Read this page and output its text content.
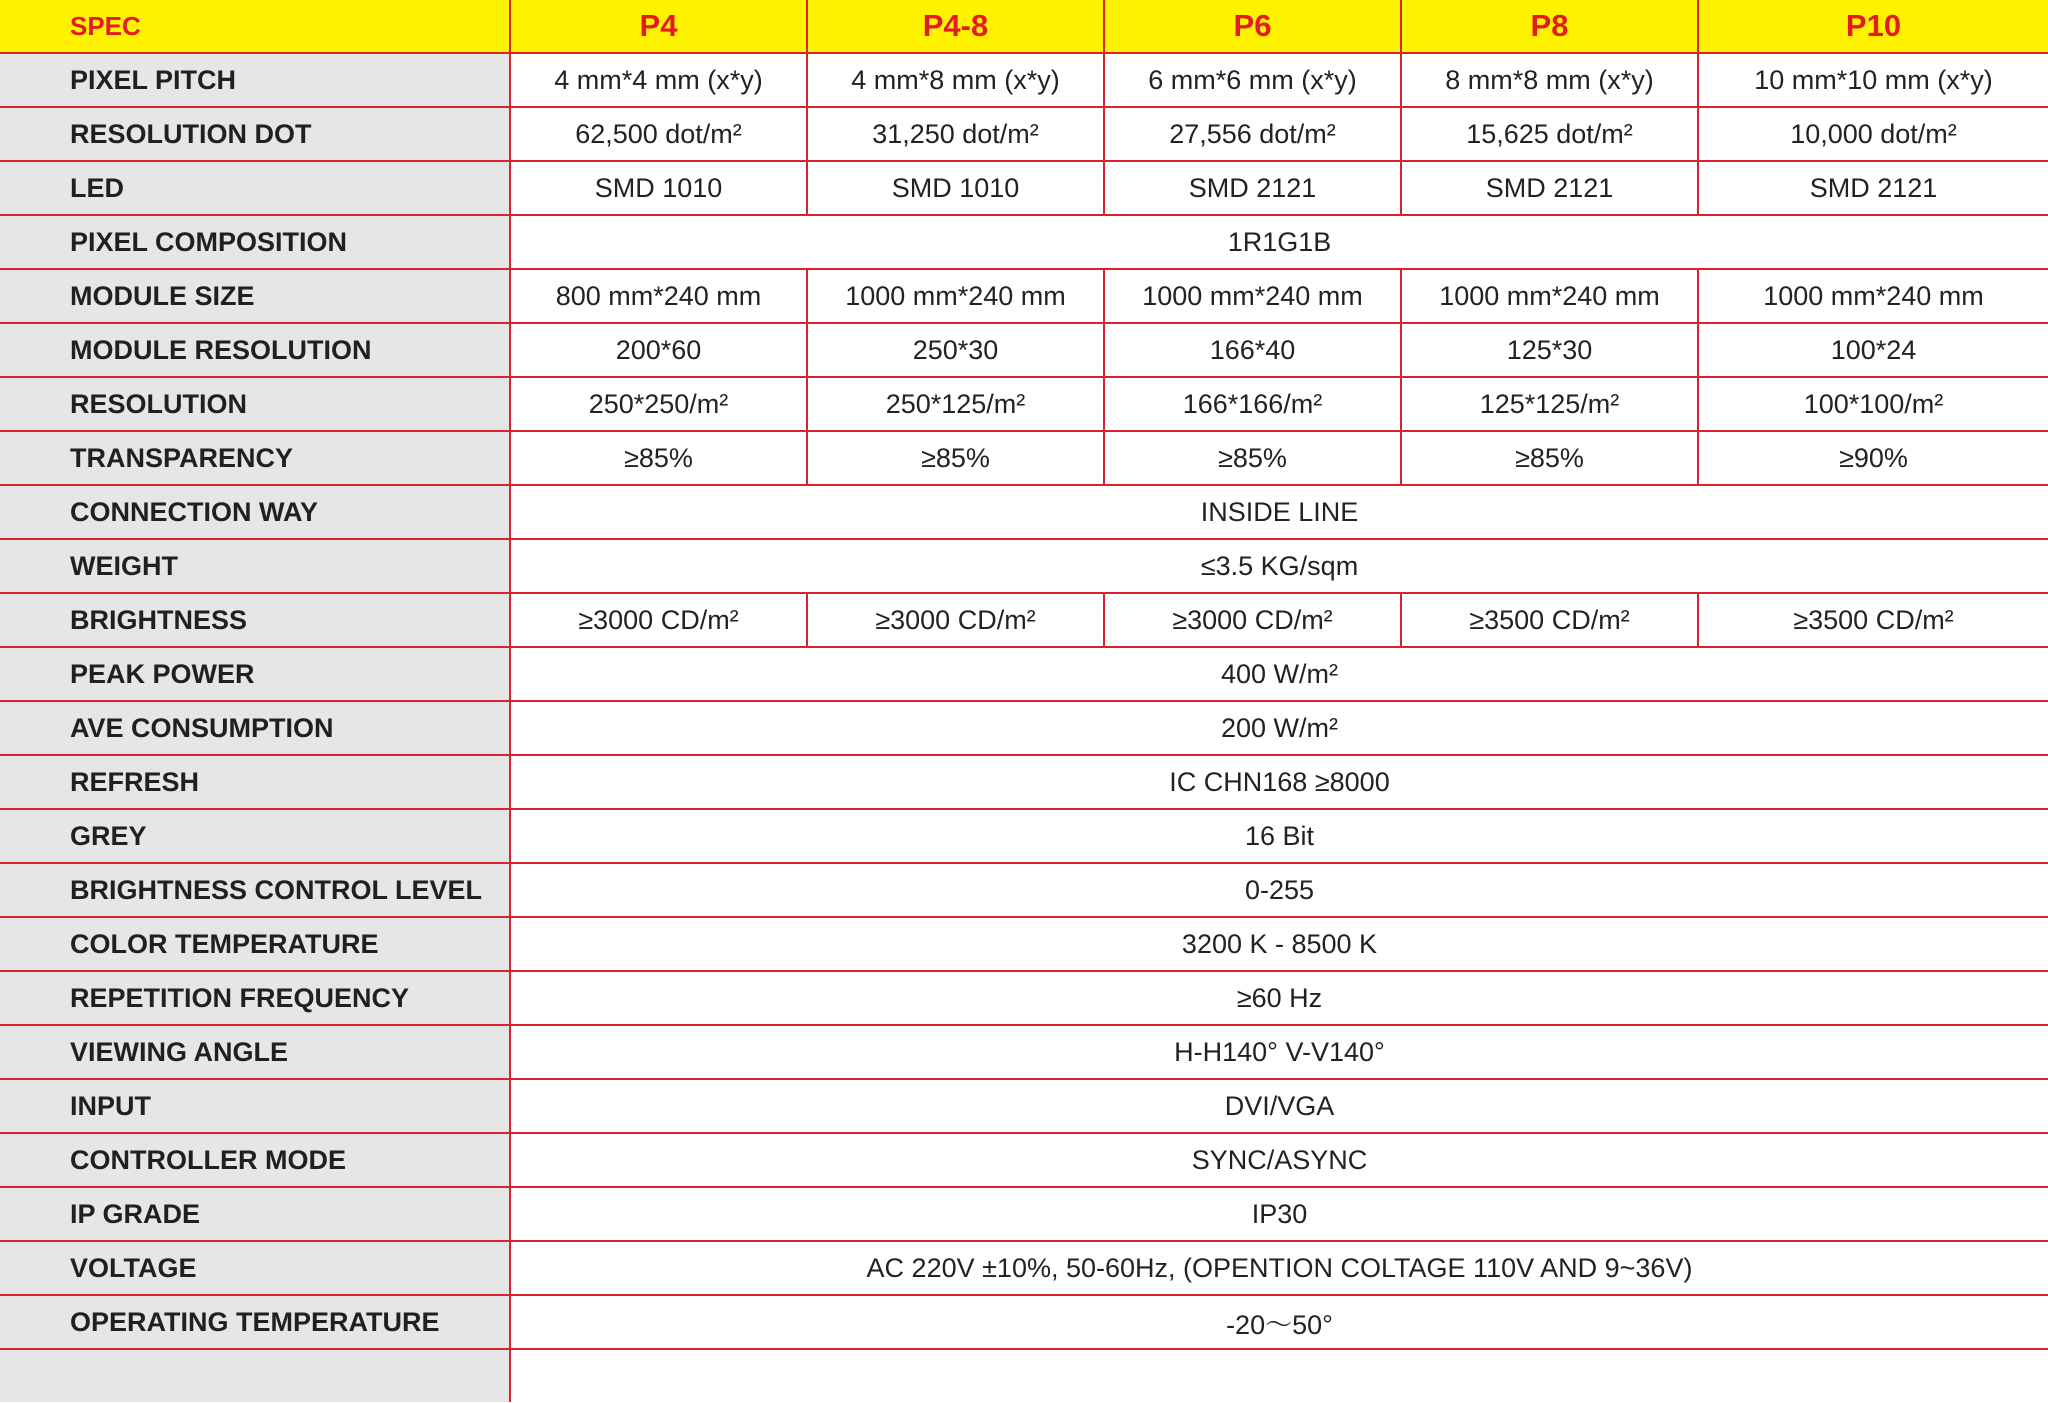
SPEC	P4	P4-8	P6	P8	P10
PIXEL PITCH	4 mm*4 mm (x*y)	4 mm*8 mm (x*y)	6 mm*6 mm (x*y)	8 mm*8 mm (x*y)	10 mm*10 mm (x*y)
RESOLUTION DOT	62,500 dot/m²	31,250 dot/m²	27,556 dot/m²	15,625 dot/m²	10,000 dot/m²
LED	SMD 1010	SMD 1010	SMD 2121	SMD 2121	SMD 2121
PIXEL COMPOSITION	1R1G1B				
MODULE SIZE	800 mm*240 mm	1000 mm*240 mm	1000 mm*240 mm	1000 mm*240 mm	1000 mm*240 mm
MODULE RESOLUTION	200*60	250*30	166*40	125*30	100*24
RESOLUTION	250*250/m²	250*125/m²	166*166/m²	125*125/m²	100*100/m²
TRANSPARENCY	≥85%	≥85%	≥85%	≥85%	≥90%
CONNECTION WAY	INSIDE LINE				
WEIGHT	≤3.5 KG/sqm				
BRIGHTNESS	≥3000 CD/m²	≥3000 CD/m²	≥3000 CD/m²	≥3500 CD/m²	≥3500 CD/m²
PEAK POWER	400 W/m²				
AVE CONSUMPTION	200 W/m²				
REFRESH	IC CHN168 ≥8000				
GREY	16 Bit				
BRIGHTNESS CONTROL LEVEL	0-255				
COLOR TEMPERATURE	3200 K - 8500 K				
REPETITION FREQUENCY	≥60 Hz				
VIEWING ANGLE	H-H140° V-V140°				
INPUT	DVI/VGA				
CONTROLLER MODE	SYNC/ASYNC				
IP GRADE	IP30				
VOLTAGE	AC 220V ±10%, 50-60Hz, (OPENTION COLTAGE 110V AND 9~36V)				
OPERATING TEMPERATURE	-20～50°				
